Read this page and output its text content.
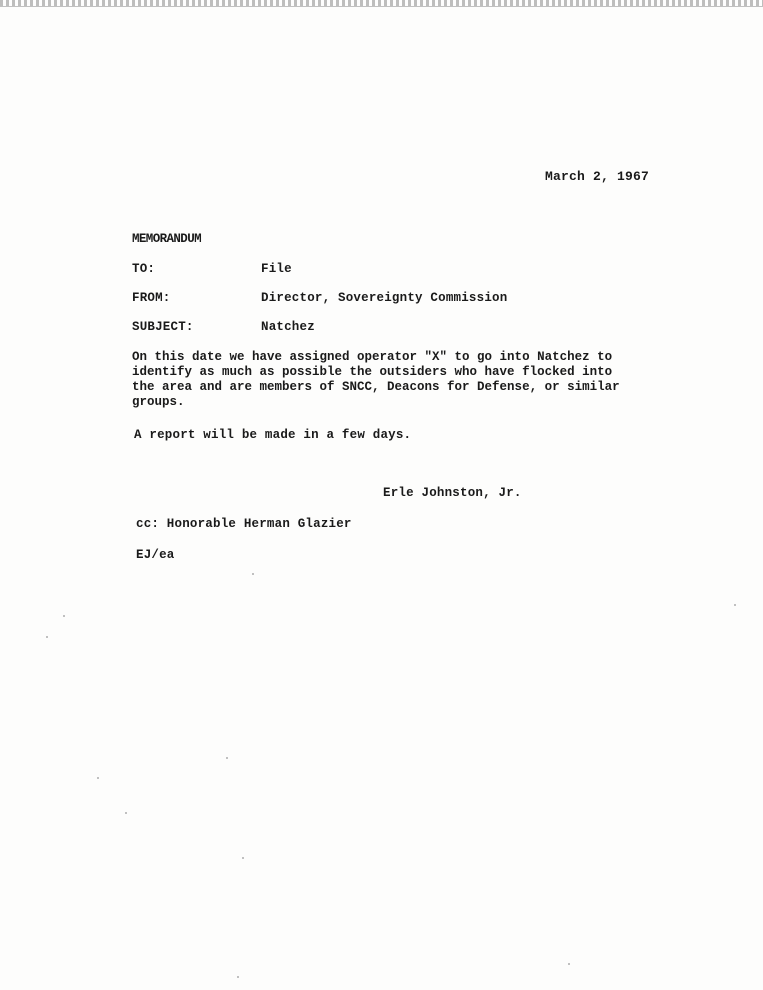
March 2, 1967
MEMORANDUM
TO:	File
FROM:	Director, Sovereignty Commission
SUBJECT:	Natchez
On this date we have assigned operator "X" to go into Natchez to
identify as much as possible the outsiders who have flocked into
the area and are members of SNCC, Deacons for Defense, or similar
groups.
A report will be made in a few days.
Erle Johnston, Jr.
cc: Honorable Herman Glazier
EJ/ea
